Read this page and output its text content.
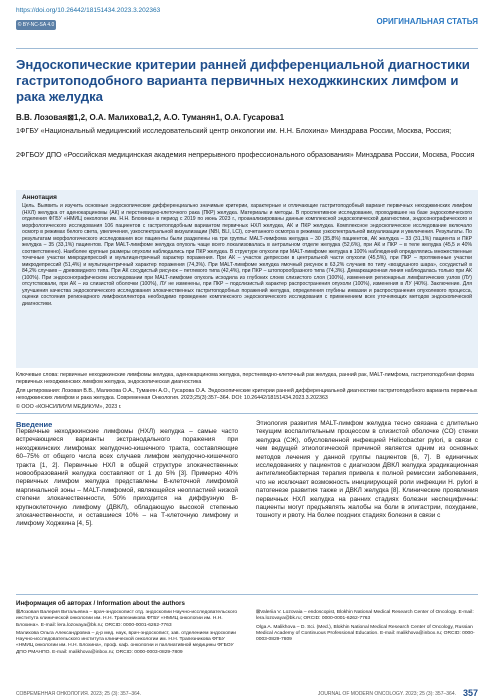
https://doi.org/10.26442/18151434.2023.3.202363
© BY-NC-SA 4.0	ОРИГИНАЛЬНАЯ СТАТЬЯ
Эндоскопические критерии ранней дифференциальной диагностики гастритоподобного варианта первичных неходжкинских лимфом и рака желудка
В.В. Лозовая⊠1,2, О.А. Малихова1,2, А.О. Туманян1, О.А. Гусарова1

1ФГБУ «Национальный медицинский исследовательский центр онкологии им. Н.Н. Блохина» Минздрава России, Москва, Россия;

2ФГБОУ ДПО «Российская медицинская академия непрерывного профессионального образования» Минздрава России, Москва, Россия

Аннотация

Цель. Выявить и изучить основные эндоскопические дифференциально значимые критерии, характерные и отличающие гастритоподобный вариант первичных неходжкинских лимфом (НХЛ) желудка от аденокарциномы (АК) и перстневидно-клеточного рака (ПКР) желудка. Материалы и методы. В проспективное исследование, проходившее на базе эндоскопического отделения ФГБУ «НМИЦ онкологии им. Н.Н. Блохина» в период с 2019 по июнь 2023 г., проанализированы данные комплексной эндоскопической диагностики, эндосонографического и морфологического исследования 106 пациентов с гастритоподобным вариантом первичных НХЛ желудка, АК и ПКР желудка. Комплексное эндоскопическое исследование включало осмотр в режимах белого света, увеличения, узкоспектральной визуализации (NBI, BLI, LCI), сочетанного осмотра в режимах узкоспектральной визуализации и увеличения. Результаты. По результатам морфологического исследования все пациенты были разделены на три группы: MALT-лимфома желудка – 30 (35,8%) пациентов, АК желудка – 33 (31,1%) пациента и ПКР желудка – 35 (33,1%) пациентов. При MALT-лимфоме желудка опухоль чаще всего локализовалась в антральном отделе желудка (52,6%), при АК и ПКР – в теле желудка (45,5 и 40% соответственно). Наиболее крупные размеры опухоли наблюдались при ПКР желудка. В структуре опухоли при MALT-лимфоме желудка в 100% наблюдений определялись множественные точечные участки микродепрессий и мультицентричный характер поражения. При АК – участок депрессии в центральной части опухоли (45,5%), при ПКР – протяженные участки микродепрессий (51,4%) и мультицентричный характер поражения (74,3%). При MALT-лимфоме желудка ямочный рисунок в 63,2% случаев по типу «воздушного шара», сосудистый в 84,2% случаев – древовидного типа. При АК сосудистый рисунок – петлевого типа (42,4%), при ПКР – штопорообразного типа (74,3%). Демаркационная линия наблюдалась только при АК (100%). При эндосонографическом исследовании при MALT-лимфоме опухоль исходила из глубоких слоев слизистого слоя (100%), изменения регионарных лимфатических узлов (ЛУ) отсутствовали, при АК – из слизистой оболочки (100%), ЛУ не изменены, при ПКР – подслизистый характер распространения опухоли (100%), изменения в ЛУ (40%). Заключение. Для улучшения качества эндоскопического исследования злокачественных гастритоподобных поражений желудка, определения глубины инвазии и распространения опухолевого процесса, оценки состояния регионарного лимфоколлектора необходимо проведение комплексного эндоскопического исследования с применением всех уточняющих методов эндоскопической диагностики.

Ключевые слова: первичные неходжкинские лимфомы желудка, аденокарцинома желудка, перстневидно-клеточный рак желудка, ранний рак, MALT-лимфома, гастритоподобная форма первичных неходжкинских лимфом желудка, эндоскопическая диагностика
Для цитирования: Лозовая В.В., Малихова О.А., Туманян А.О., Гусарова О.А. Эндоскопические критерии ранней дифференциальной диагностики гастритоподобного варианта первичных неходжкинских лимфом и рака желудка. Современная Онкология. 2023;25(3):357–364. DOI: 10.26442/18151434.2023.3.202363
© ООО «КОНСИЛИУМ МЕДИКУМ», 2023 г.
Введение

Первичные неходжкинские лимфомы (НХЛ) желудка – самые часто встречающиеся варианты экстранодального поражения при неходжкинских лимфомах желудочно-кишечного тракта, составляющие 60–75% от общего числа всех случаев лимфом желудочно-кишечного тракта [1, 2]. Первичные НХЛ в общей структуре злокачественных новообразований желудка составляют от 1 до 5% [3]. Примерно 40% первичных лимфом желудка представлены В-клеточной лимфомой маргинальной зоны – MALT-лимфомой, являющейся неопластией низкой степени злокачественности, 50% приходится на диффузную В-крупноклеточную лимфому (ДВКЛ), обладающую высокой степенью злокачественности, и оставшиеся 10% – на Т-клеточную лимфому и лимфому Ходжкина [4, 5].

Этиология развития MALT-лимфом желудка тесно связана с длительно текущим воспалительным процессом в слизистой оболочке (СО) стенки желудка (СЖ), обусловленной инфекцией Helicobacter pylori, в связи с чем ведущей этиологической причиной является одним из основных методов лечения у данной группы пациентов [6, 7]. В единичных исследованиях у пациентов с диагнозом ДВКЛ желудка эрадикационная антигеликобактерная терапия привела к полной ремиссии заболевания, что не исключает возможность инициирующей роли инфекции H. pylori в патогенезе развития также и ДВКЛ желудка [8]. Клинические проявления первичных НХЛ желудка на ранних стадиях болезни неспецифичны: пациенты могут предъявлять жалобы на боли в эпигастрии, похудание, тошноту и рвоту. На более поздних стадиях болезни в связи с

Информация об авторах / Information about the authors
⊠Лозовая Валерия Витальевна – врач-эндоскопист отд. эндоскопии Научно-исследовательского института клинической онкологии им. Н.Н. Трапезникова ФГБУ «НМИЦ онкологии им. Н.Н. Блохина». E-mail: lera.lozovaya@bk.ru; ORCID: 0000-0001-6262-7763
Малихова Ольга Александровна – д-р мед. наук, врач-эндоскопист, зав. отделением эндоскопии Научно-исследовательского института клинической онкологии им. Н.Н. Трапезникова ФГБУ «НМИЦ онкологии им. Н.Н. Блохина», проф. каф. онкологии и паллиативной медицины ФГБОУ ДПО РМАНПО. E-mail: malikhova@inbox.ru; ORCID: 0000-0003-0829-7809
⊠Valeriia V. Lozovaia – endoscopist, Blokhin National Medical Research Center of Oncology. E-mail: lera.lozovaya@bk.ru; ORCID: 0000-0001-6262-7763
Olga A. Malikhova – D. Sci. (Med.), Blokhin National Medical Research Center of Oncology, Russian Medical Academy of Continuous Professional Education. E-mail: malikhova@inbox.ru; ORCID: 0000-0003-0829-7809
СОВРЕМЕННАЯ ОНКОЛОГИЯ. 2023; 25 (3): 357–364.	JOURNAL OF MODERN ONCOLOGY. 2023; 25 (3): 357–364. 357
